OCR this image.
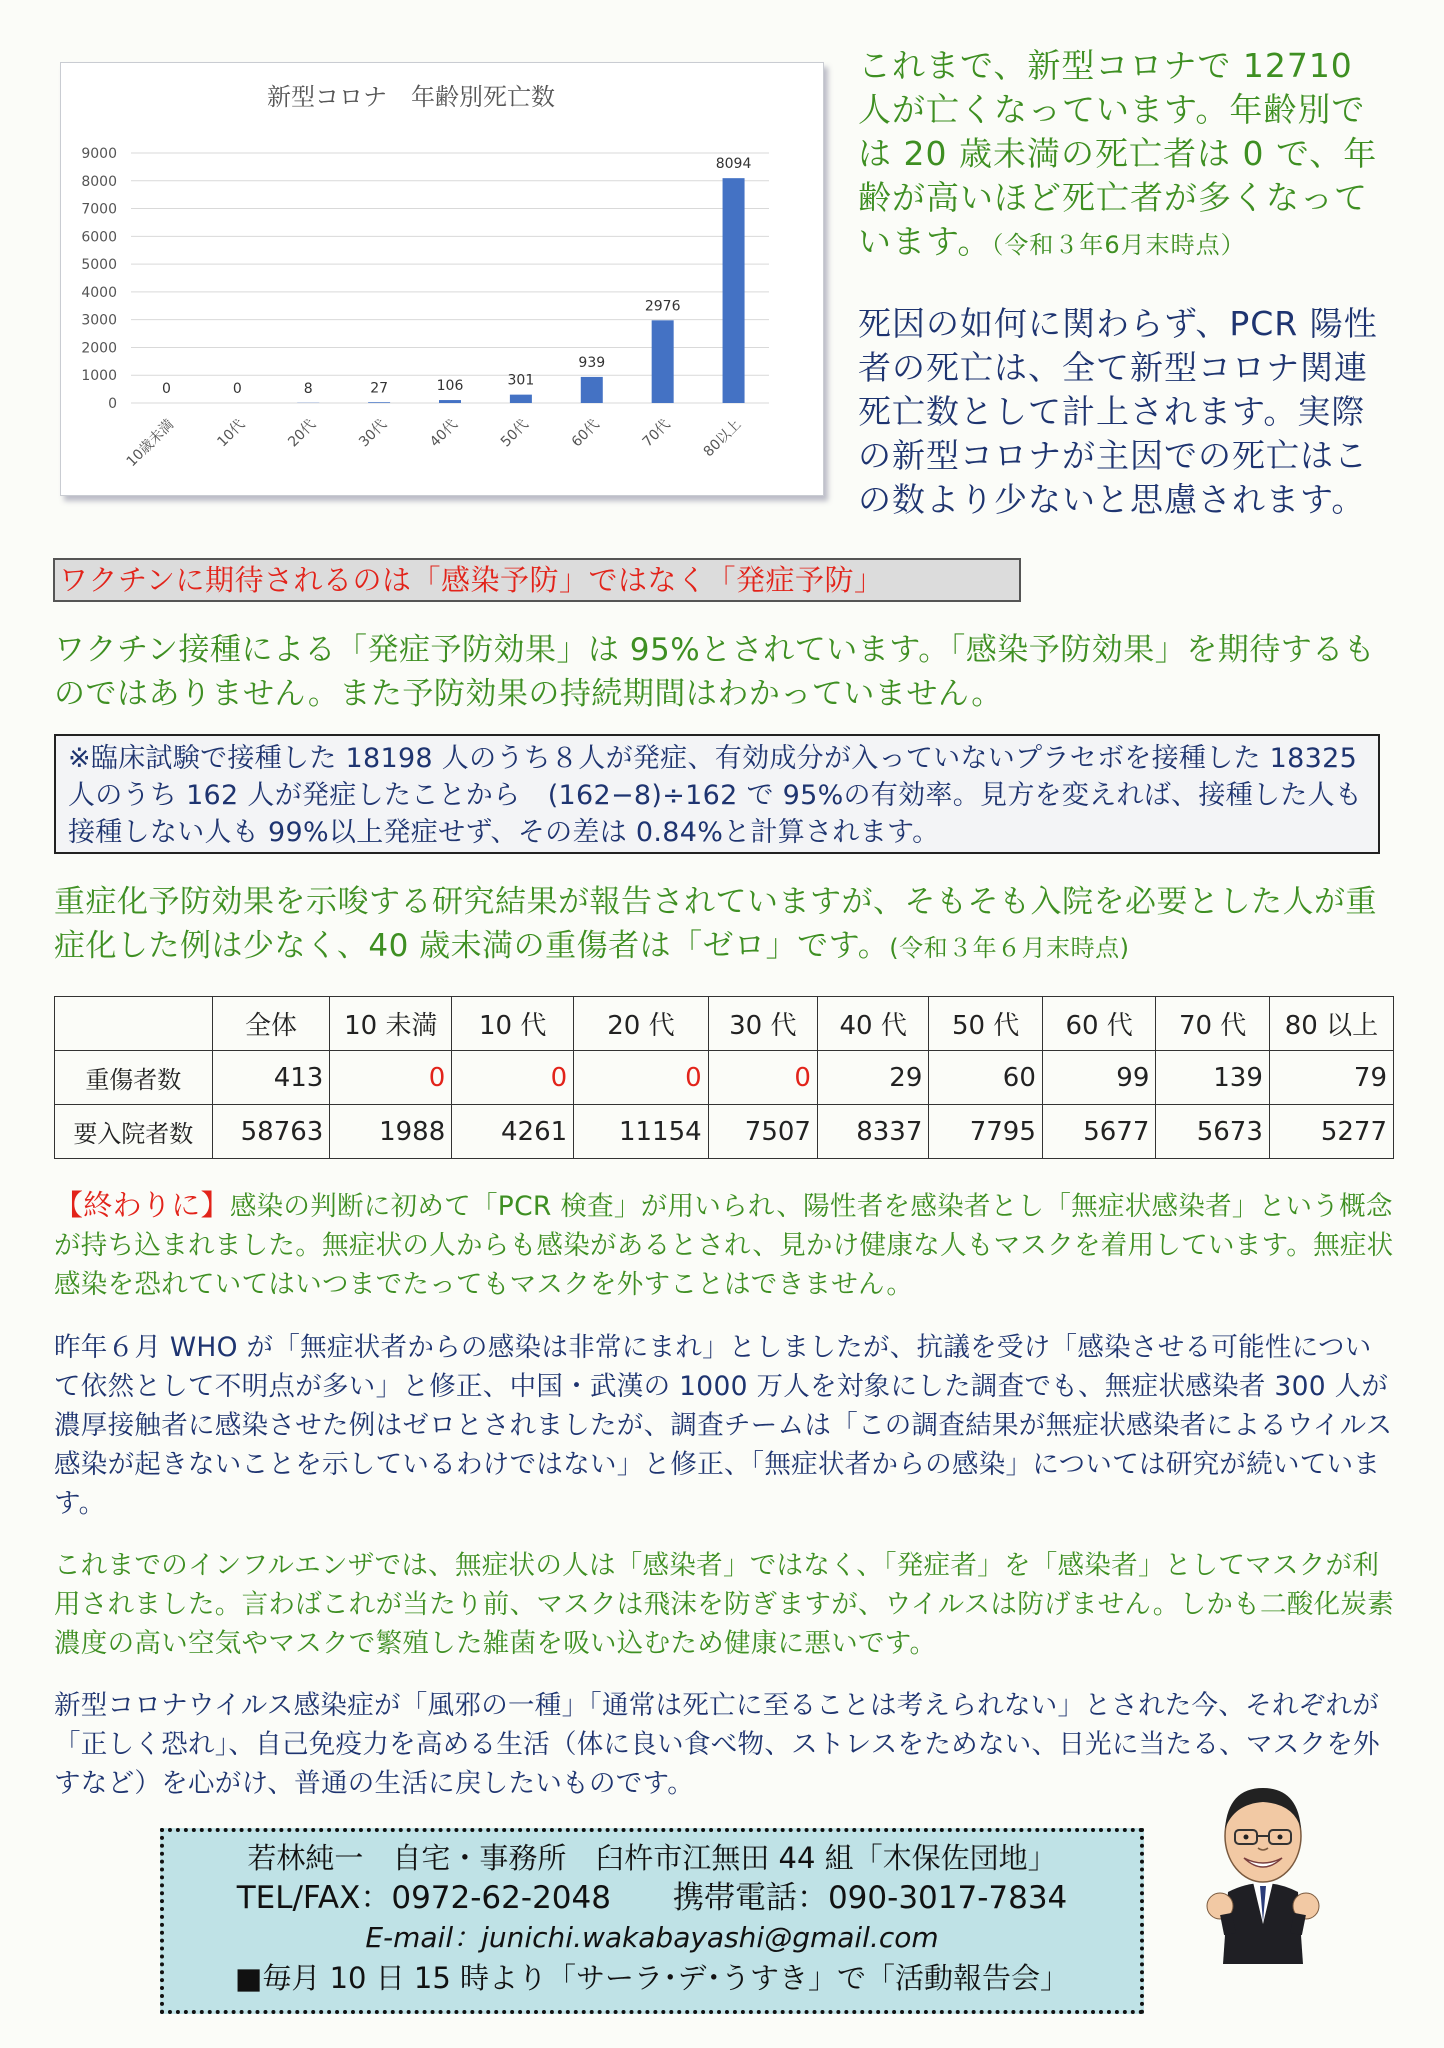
新型コロナ　年齢別死亡数
0
1000
2000
3000
4000
5000
6000
7000
8000
9000
0
10歳未満
0
10代
8
20代
27
30代
106
40代
301
50代
939
60代
2976
70代
8094
80以上

これまで、新型コロナで 12710 人が亡くなっています。年齢別では 20 歳未満の死亡者は 0 で、年齢が高いほど死亡者が多くなっています。（令和３年6月末時点）

死因の如何に関わらず、PCR 陽性者の死亡は、全て新型コロナ関連死亡数として計上されます。実際の新型コロナが主因での死亡はこの数より少ないと思慮されます。

ワクチンに期待されるのは「感染予防」ではなく「発症予防」

ワクチン接種による「発症予防効果」は 95%とされています。「感染予防効果」を期待するものではありません。また予防効果の持続期間はわかっていません。

※臨床試験で接種した 18198 人のうち８人が発症、有効成分が入っていないプラセボを接種した 18325 人のうち 162 人が発症したことから　(162−8)÷162 で 95%の有効率。見方を変えれば、接種した人も接種しない人も 99%以上発症せず、その差は 0.84%と計算されます。

重症化予防効果を示唆する研究結果が報告されていますが、そもそも入院を必要とした人が重症化した例は少なく、40 歳未満の重傷者は「ゼロ」です。(令和３年６月末時点)

	全体	10 未満	10 代	20 代	30 代	40 代	50 代	60 代	70 代	80 以上
重傷者数	413	0	0	0	0	29	60	99	139	79
要入院者数	58763	1988	4261	11154	7507	8337	7795	5677	5673	5277

【終わりに】感染の判断に初めて「PCR 検査」が用いられ、陽性者を感染者とし「無症状感染者」という概念が持ち込まれました。無症状の人からも感染があるとされ、見かけ健康な人もマスクを着用しています。無症状感染を恐れていてはいつまでたってもマスクを外すことはできません。

昨年６月 WHO が「無症状者からの感染は非常にまれ」としましたが、抗議を受け「感染させる可能性について依然として不明点が多い」と修正、中国・武漢の 1000 万人を対象にした調査でも、無症状感染者 300 人が濃厚接触者に感染させた例はゼロとされましたが、調査チームは「この調査結果が無症状感染者によるウイルス感染が起きないことを示しているわけではない」と修正、「無症状者からの感染」については研究が続いています。

これまでのインフルエンザでは、無症状の人は「感染者」ではなく、「発症者」を「感染者」としてマスクが利用されました。言わばこれが当たり前、マスクは飛沫を防ぎますが、ウイルスは防げません。しかも二酸化炭素濃度の高い空気やマスクで繁殖した雑菌を吸い込むため健康に悪いです。

新型コロナウイルス感染症が「風邪の一種」「通常は死亡に至ることは考えられない」とされた今、それぞれが「正しく恐れ」、自己免疫力を高める生活（体に良い食べ物、ストレスをためない、日光に当たる、マスクを外すなど）を心がけ、普通の生活に戻したいものです。

若林純一　自宅・事務所　臼杵市江無田 44 組「木保佐団地」
TEL/FAX：0972-62-2048　　携帯電話：090-3017-7834
E-mail：junichi.wakabayashi@gmail.com
■毎月 10 日 15 時より「サーラ･デ･うすき」で「活動報告会」
